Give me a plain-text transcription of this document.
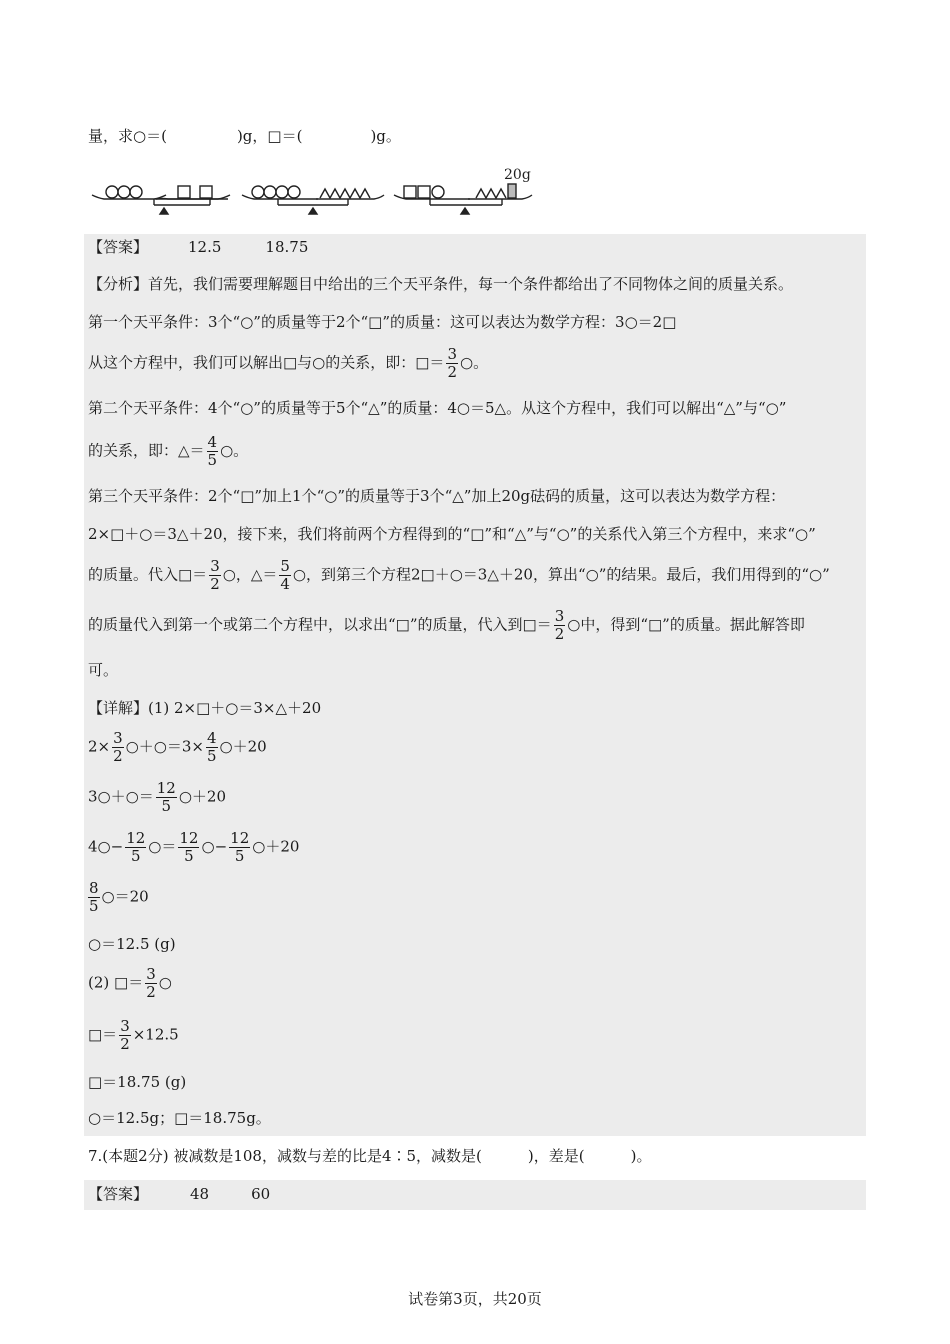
量，求○＝(	)g，□＝(	)g。
20g
【答案】	12.5	18.75
【分析】首先，我们需要理解题目中给出的三个天平条件，每一个条件都给出了不同物体之间的质量关系。
第一个天平条件：3个“○”的质量等于2个“□”的质量：这可以表达为数学方程：3○＝2□
从这个方程中，我们可以解出□与○的关系，即：□＝ $\frac{3}{2}$ ○。
第二个天平条件：4个“○”的质量等于5个“△”的质量：4○＝5△。从这个方程中，我们可以解出“△”与“○”
的关系，即：△＝ $\frac{4}{5}$ ○。
第三个天平条件：2个“□”加上1个“○”的质量等于3个“△”加上20g砝码的质量，这可以表达为数学方程：
2×□＋○＝3△＋20，接下来，我们将前两个方程得到的“□”和“△”与“○”的关系代入第三个方程中，来求“○”
的质量。代入□＝ $\frac{3}{2}$ ○，△＝ $\frac{5}{4}$ ○，到第三个方程2□＋○＝3△＋20，算出“○”的结果。最后，我们用得到的“○”
的质量代入到第一个或第二个方程中，以求出“□”的质量，代入到□＝ $\frac{3}{2}$ ○中，得到“□”的质量。据此解答即
可。
【详解】(1) 2×□＋○＝3×△＋20
$2\times \frac{3}{2}$ ○＋○＝3× $\frac{4}{5}$ ○＋20
3○＋○＝ $\frac{12}{5}$ ○＋20
4○− $\frac{12}{5}$ ○＝ $\frac{12}{5}$ ○− $\frac{12}{5}$ ○＋20
$\frac{8}{5}$ ○＝20
○＝12.5 (g)
(2) □＝ $\frac{3}{2}$ ○
□＝ $\frac{3}{2} \times 12.5$
□＝18.75 (g)
○＝12.5g；□＝18.75g。
7.(本题2分) 被减数是108，减数与差的比是4∶5，减数是(	)，差是(	)。
【答案】	48	60
试卷第3页，共20页
